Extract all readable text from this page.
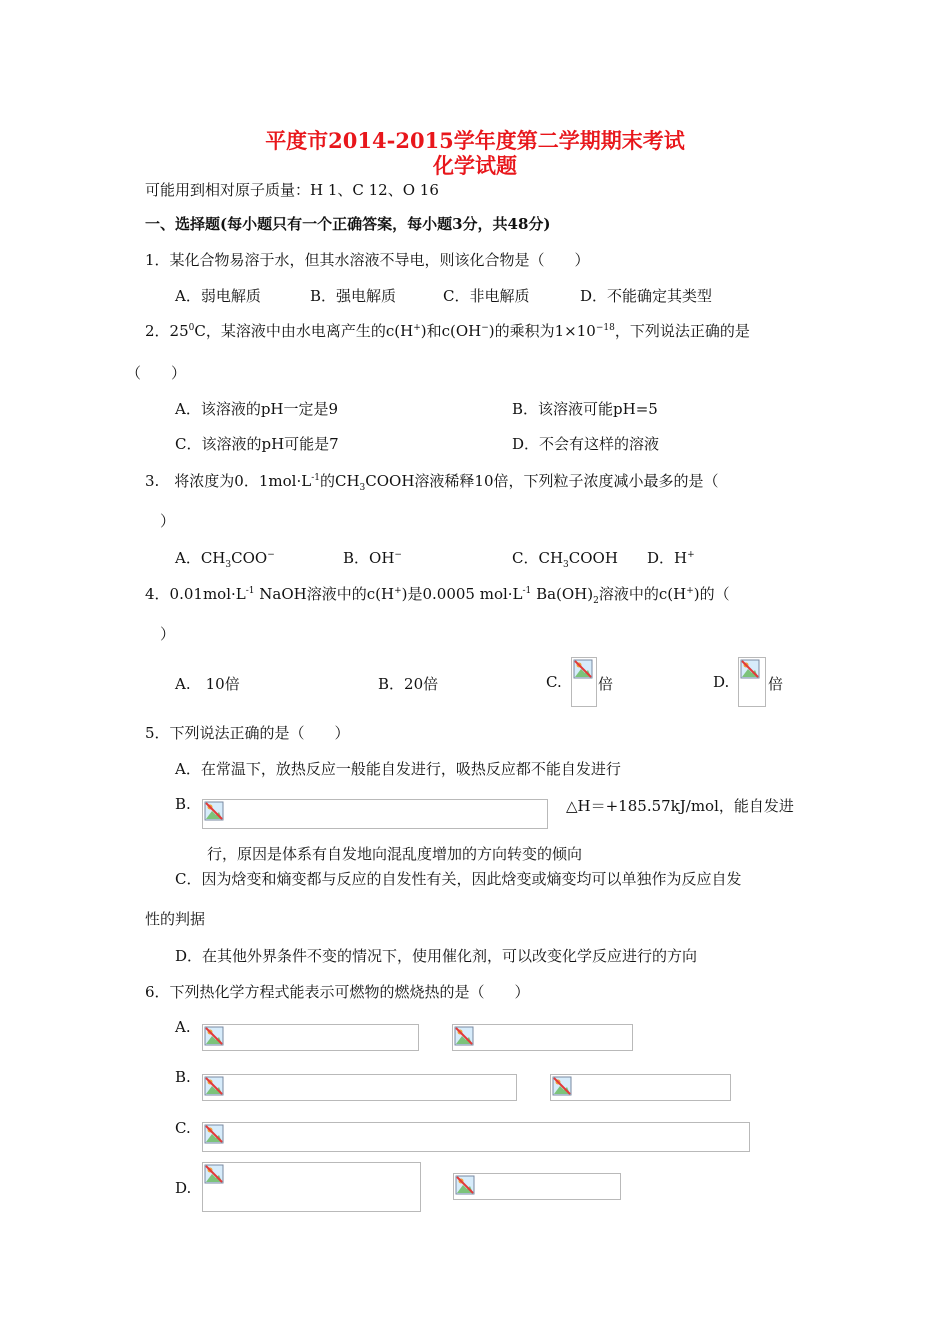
平度市2014-2015学年度第二学期期末考试
化学试题
可能用到相对原子质量：H 1、C 12、O 16
一、选择题(每小题只有一个正确答案，每小题3分，共48分)
1．某化合物易溶于水，但其水溶液不导电，则该化合物是（　　）
A．弱电解质	B．强电解质	C．非电解质	D．不能确定其类型
2．$25^0C$，某溶液中由水电离产生的c(H+)和c(OH−)的乘积为$1\times 10^{-18}$，下列说法正确的是
（　　）
A．该溶液的pH一定是9	B．该溶液可能pH=5
C．该溶液的pH可能是7	D．不会有这样的溶液
3.　将浓度为0．$1mol\cdot L^{-1}$的$CH_3COOH$溶液稀释10倍，下列粒子浓度减小最多的是（
）
A．$CH_3COO^-$	B．OH−	C．$CH_3COOH$ D．H+
4．$0.01mol\cdot L^{-1}$ NaOH溶液中的c(H+)是0.0005 $mol\cdot L^{-1}$ $Ba(OH)_2$溶液中的c(H+)的（
）
A.　10倍	B．20倍	C. 倍	D.	倍
5．下列说法正确的是（　　）
A．在常温下，放热反应一般能自发进行，吸热反应都不能自发进行
B.	△H＝+185.57kJ/mol，能自发进
行，原因是体系有自发地向混乱度增加的方向转变的倾向
C．因为焓变和熵变都与反应的自发性有关，因此焓变或熵变均可以单独作为反应自发
性的判据
D．在其他外界条件不变的情况下，使用催化剂，可以改变化学反应进行的方向
6．下列热化学方程式能表示可燃物的燃烧热的是（　　）
A.
B.
C.
D.
